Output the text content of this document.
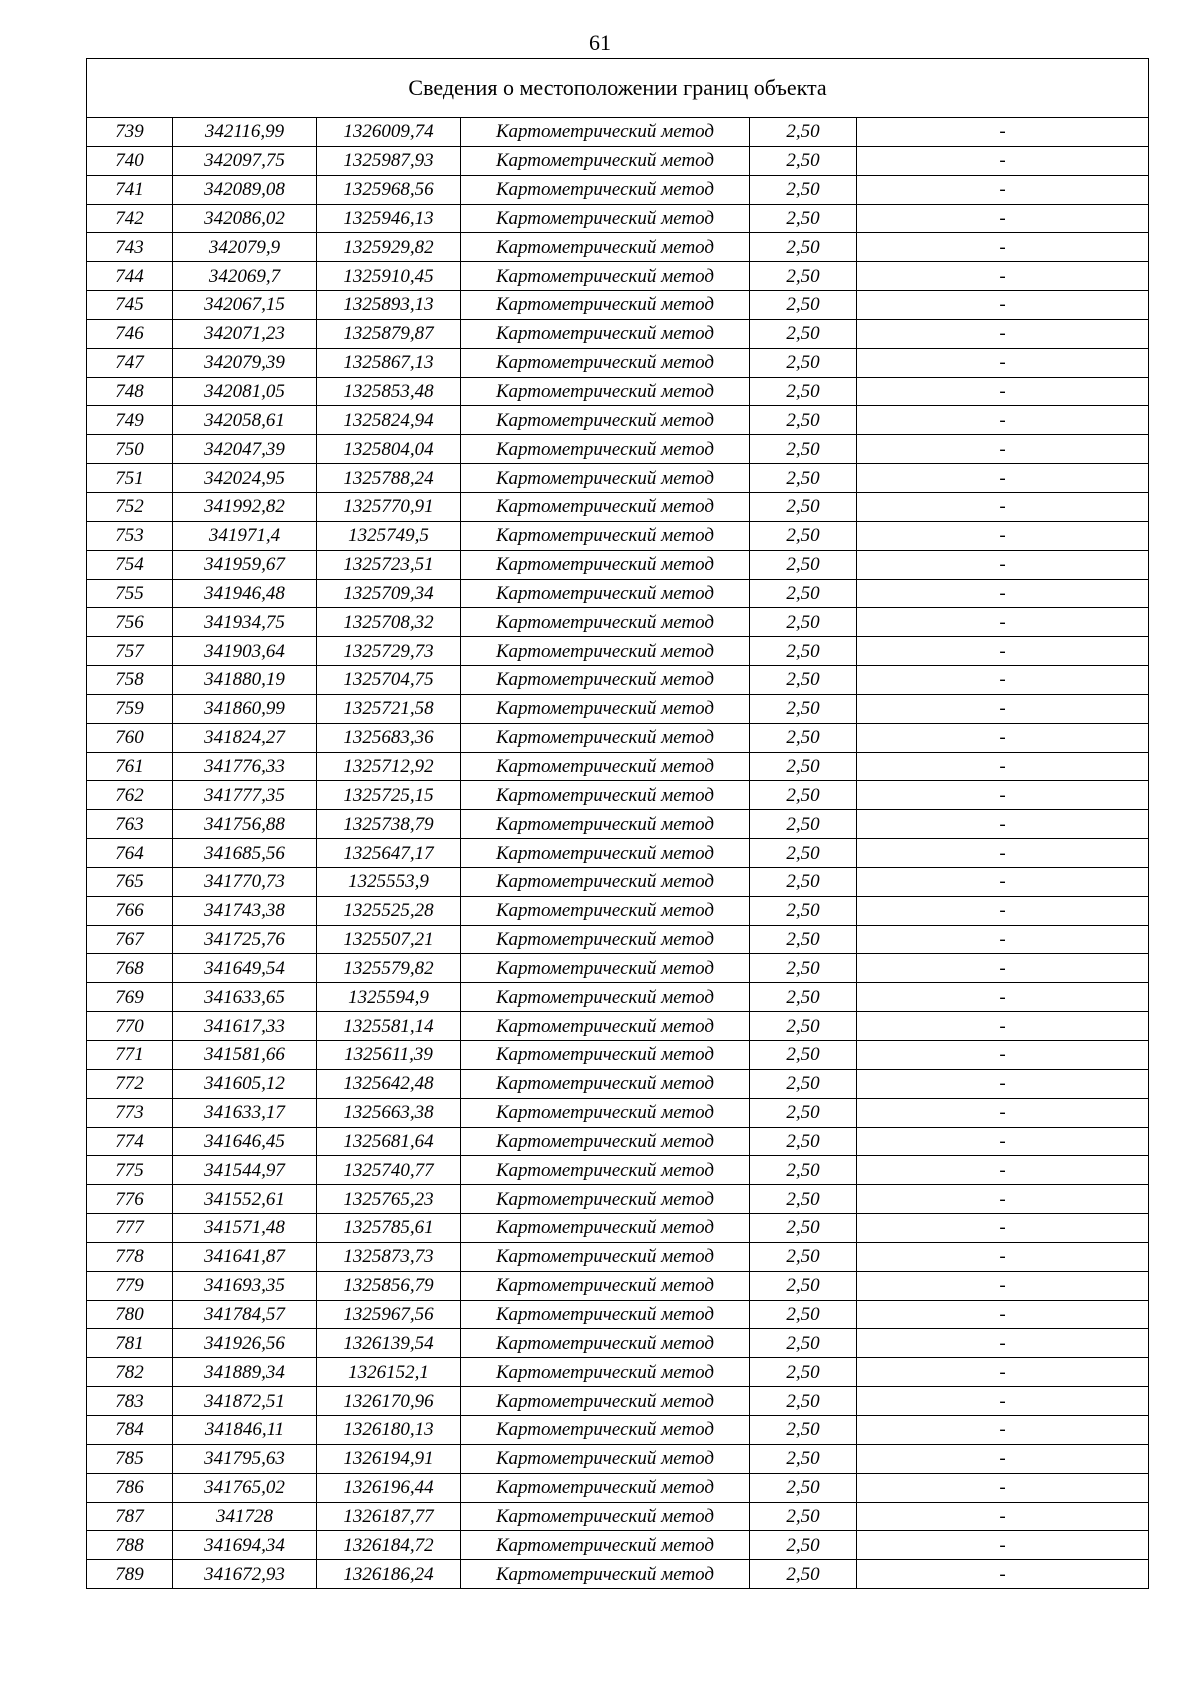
61
Сведения о местоположении границ объекта					
739	342116,99	1326009,74	Картометрический метод	2,50	-
740	342097,75	1325987,93	Картометрический метод	2,50	-
741	342089,08	1325968,56	Картометрический метод	2,50	-
742	342086,02	1325946,13	Картометрический метод	2,50	-
743	342079,9	1325929,82	Картометрический метод	2,50	-
744	342069,7	1325910,45	Картометрический метод	2,50	-
745	342067,15	1325893,13	Картометрический метод	2,50	-
746	342071,23	1325879,87	Картометрический метод	2,50	-
747	342079,39	1325867,13	Картометрический метод	2,50	-
748	342081,05	1325853,48	Картометрический метод	2,50	-
749	342058,61	1325824,94	Картометрический метод	2,50	-
750	342047,39	1325804,04	Картометрический метод	2,50	-
751	342024,95	1325788,24	Картометрический метод	2,50	-
752	341992,82	1325770,91	Картометрический метод	2,50	-
753	341971,4	1325749,5	Картометрический метод	2,50	-
754	341959,67	1325723,51	Картометрический метод	2,50	-
755	341946,48	1325709,34	Картометрический метод	2,50	-
756	341934,75	1325708,32	Картометрический метод	2,50	-
757	341903,64	1325729,73	Картометрический метод	2,50	-
758	341880,19	1325704,75	Картометрический метод	2,50	-
759	341860,99	1325721,58	Картометрический метод	2,50	-
760	341824,27	1325683,36	Картометрический метод	2,50	-
761	341776,33	1325712,92	Картометрический метод	2,50	-
762	341777,35	1325725,15	Картометрический метод	2,50	-
763	341756,88	1325738,79	Картометрический метод	2,50	-
764	341685,56	1325647,17	Картометрический метод	2,50	-
765	341770,73	1325553,9	Картометрический метод	2,50	-
766	341743,38	1325525,28	Картометрический метод	2,50	-
767	341725,76	1325507,21	Картометрический метод	2,50	-
768	341649,54	1325579,82	Картометрический метод	2,50	-
769	341633,65	1325594,9	Картометрический метод	2,50	-
770	341617,33	1325581,14	Картометрический метод	2,50	-
771	341581,66	1325611,39	Картометрический метод	2,50	-
772	341605,12	1325642,48	Картометрический метод	2,50	-
773	341633,17	1325663,38	Картометрический метод	2,50	-
774	341646,45	1325681,64	Картометрический метод	2,50	-
775	341544,97	1325740,77	Картометрический метод	2,50	-
776	341552,61	1325765,23	Картометрический метод	2,50	-
777	341571,48	1325785,61	Картометрический метод	2,50	-
778	341641,87	1325873,73	Картометрический метод	2,50	-
779	341693,35	1325856,79	Картометрический метод	2,50	-
780	341784,57	1325967,56	Картометрический метод	2,50	-
781	341926,56	1326139,54	Картометрический метод	2,50	-
782	341889,34	1326152,1	Картометрический метод	2,50	-
783	341872,51	1326170,96	Картометрический метод	2,50	-
784	341846,11	1326180,13	Картометрический метод	2,50	-
785	341795,63	1326194,91	Картометрический метод	2,50	-
786	341765,02	1326196,44	Картометрический метод	2,50	-
787	341728	1326187,77	Картометрический метод	2,50	-
788	341694,34	1326184,72	Картометрический метод	2,50	-
789	341672,93	1326186,24	Картометрический метод	2,50	-
